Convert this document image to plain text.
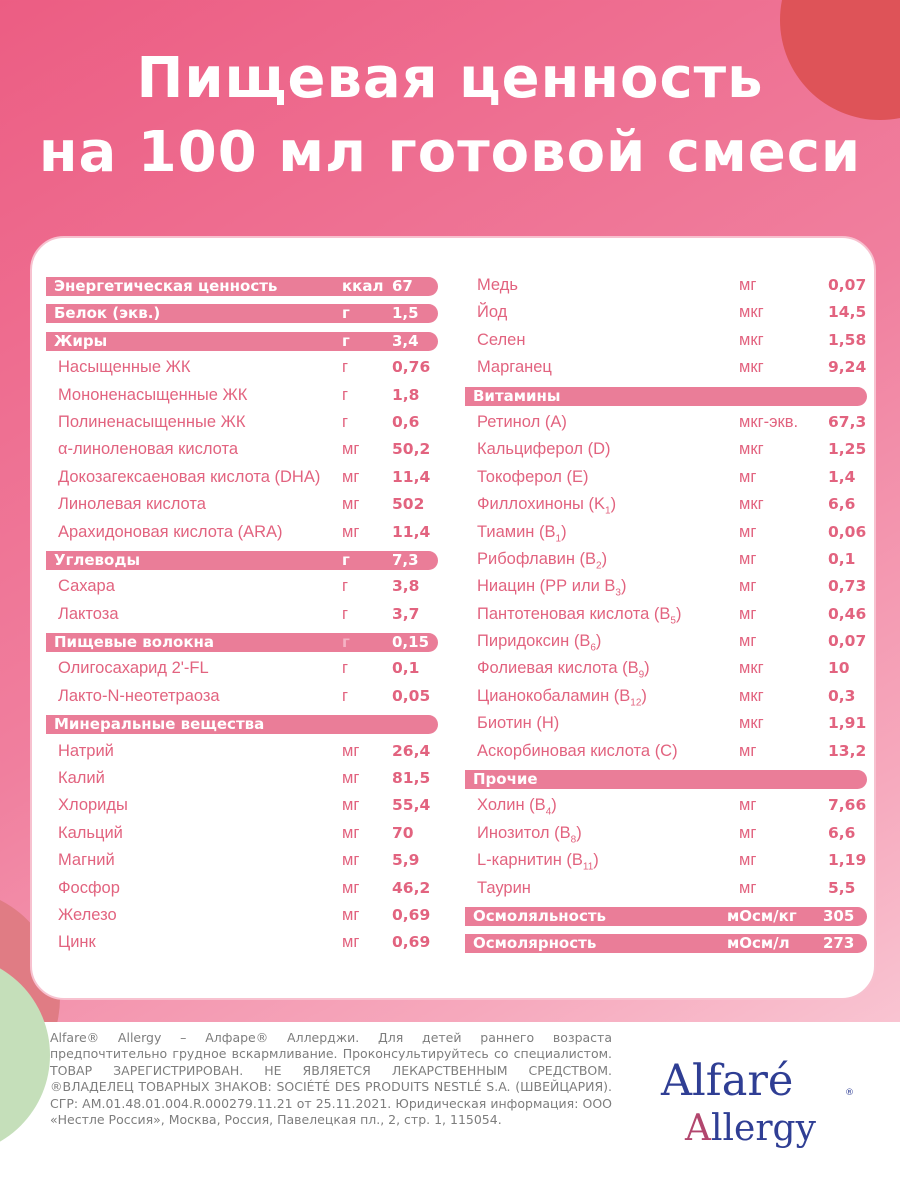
Пищевая ценность
на 100 мл готовой смеси
Энергетическая ценность	ккал 67
Белок (экв.)	г	1,5
Жиры	г	3,4
Насыщенные ЖК	г	0,76
Мононенасыщенные ЖК	г	1,8
Полиненасыщенные ЖК	г	0,6
α-линоленовая кислота	мг 50,2
Докозагексаеновая кислота (DHA) мг 11,4
Линолевая кислота	мг 502
Арахидоновая кислота (ARA)	мг 11,4
Углеводы	г	7,3
Сахара	г	3,8
Лактоза	г	3,7
Пищевые волокна	г	0,15
Олигосахарид 2'-FL	г	0,1
Лакто-N-неотетраоза	г	0,05
Минеральные вещества
Натрий	мг 26,4
Калий	мг 81,5
Хлориды	мг 55,4
Кальций	мг 70
Магний	мг 5,9
Фосфор	мг 46,2
Железо	мг 0,69
Цинк	мг 0,69
Медь	мг	0,07
Йод	мкг	14,5
Селен	мкг	1,58
Марганец	мкг	9,24
Витамины
Ретинол (А)	мкг-экв. 67,3
Кальциферол (D)	мкг	1,25
Токоферол (Е)	мг	1,4
Филлохиноны $(K_1)$	мкг	6,6
Тиамин $(В_1)$	мг	0,06
Рибофлавин $(В_2)$	мг	0,1
Ниацин (РР или $В_3$)	мг	0,73
Пантотеновая кислота $(В_5)$	мг	0,46
Пиридоксин $(В_6)$	мг	0,07
Фолиевая кислота $(В_9)$	мкг	10
Цианокобаламин $(В_{12})$	мкг	0,3
Биотин (Н)	мкг	1,91
Аскорбиновая кислота (С)	мг	13,2
Прочие
Холин $(В_4)$	мг	7,66
Инозитол $(В_8)$	мг	6,6
L-карнитин $(В_{11})$	мг	1,19
Таурин	мг	5,5
Осмоляльность	мОсм/кг 305
Осмолярность	мОсм/л 273
Alfare® Allergy – Алфаре® Аллерджи. Для детей раннего возраста предпочтительно грудное вскармливание. Проконсультируйтесь со специалистом. ТОВАР ЗАРЕГИСТРИРОВАН. НЕ ЯВЛЯЕТСЯ ЛЕКАРСТВЕННЫМ СРЕДСТВОМ. ®ВЛАДЕЛЕЦ ТОВАРНЫХ ЗНАКОВ: SOCIÉTÉ DES PRODUITS NESTLÉ S.A. (ШВЕЙЦАРИЯ). СГР: AM.01.48.01.004.R.000279.11.21 от 25.11.2021. Юридическая информация: ООО «Нестле Россия», Москва, Россия, Павелецкая пл., 2, стр. 1, 115054.
Alfaré	®
Allergy
